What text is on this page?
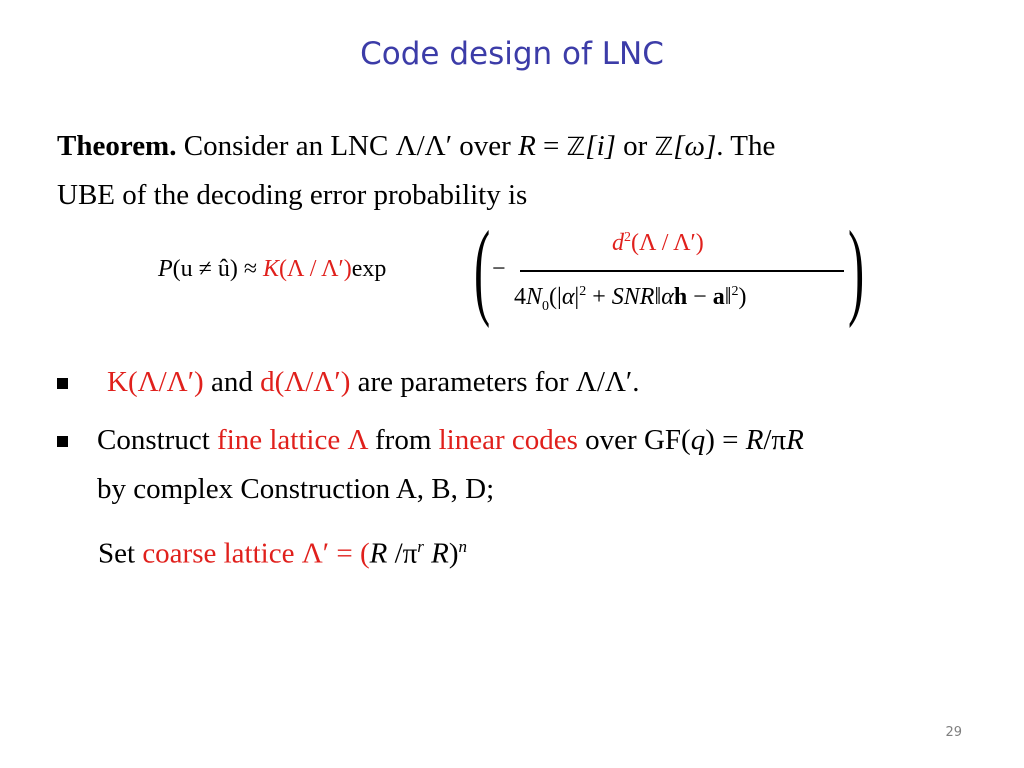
Code design of LNC
Theorem. Consider an LNC Λ/Λ′ over R = ℤ[i] or ℤ[ω]. The
UBE of the decoding error probability is
P(u ≠ û) ≈ K(Λ / Λ′)exp ( −
$d^2(\Lambda / \Lambda')$
$4N_0(|\alpha|^2$ + SNR‖αh − a‖$^2$) )
K(Λ/Λ′) and d(Λ/Λ′) are parameters for Λ/Λ′.
Construct fine lattice Λ from linear codes over GF(q) = R/πR
by complex Construction A, B, D;
Set coarse lattice Λ′ = (R $/\pi^r$ R)$^n$
29
